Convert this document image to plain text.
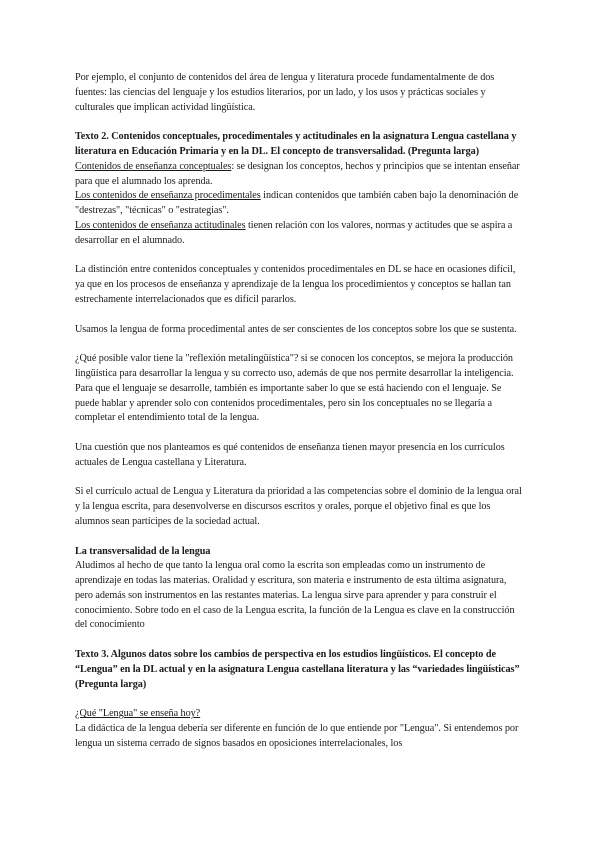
Por ejemplo, el conjunto de contenidos del área de lengua y literatura procede fundamentalmente de dos fuentes: las ciencias del lenguaje y los estudios literarios, por un lado, y los usos y prácticas sociales y culturales que implican actividad lingüística.

Texto 2. Contenidos conceptuales, procedimentales y actitudinales en la asignatura Lengua castellana y literatura en Educación Primaria y en la DL. El concepto de transversalidad. (Pregunta larga)

Contenidos de enseñanza conceptuales: se designan los conceptos, hechos y principios que se intentan enseñar para que el alumnado los aprenda.

Los contenidos de enseñanza procedimentales indican contenidos que también caben bajo la denominación de "destrezas", "técnicas" o "estrategias".

Los contenidos de enseñanza actitudinales tienen relación con los valores, normas y actitudes que se aspira a desarrollar en el alumnado.

La distinción entre contenidos conceptuales y contenidos procedimentales en DL se hace en ocasiones difícil, ya que en los procesos de enseñanza y aprendizaje de la lengua los procedimientos y conceptos se hallan tan estrechamente interrelacionados que es difícil pararlos.

Usamos la lengua de forma procedimental antes de ser conscientes de los conceptos sobre los que se sustenta.

¿Qué posible valor tiene la "reflexión metalingüística"? si se conocen los conceptos, se mejora la producción lingüística para desarrollar la lengua y su correcto uso, además de que nos permite desarrollar la inteligencia. Para que el lenguaje se desarrolle, también es importante saber lo que se está haciendo con el lenguaje. Se puede hablar y aprender solo con contenidos procedimentales, pero sin los conceptuales no se llegaría a completar el entendimiento total de la lengua.

Una cuestión que nos planteamos es qué contenidos de enseñanza tienen mayor presencia en los currículos actuales de Lengua castellana y Literatura.

Si el currículo actual de Lengua y Literatura da prioridad a las competencias sobre el dominio de la lengua oral y la lengua escrita, para desenvolverse en discursos escritos y orales, porque el objetivo final es que los alumnos sean partícipes de la sociedad actual.

La transversalidad de la lengua

Aludimos al hecho de que tanto la lengua oral como la escrita son empleadas como un instrumento de aprendizaje en todas las materias. Oralidad y escritura, son materia e instrumento de esta última asignatura, pero además son instrumentos en las restantes materias. La lengua sirve para aprender y para construir el conocimiento. Sobre todo en el caso de la Lengua escrita, la función de la Lengua es clave en la construcción del conocimiento

Texto 3. Algunos datos sobre los cambios de perspectiva en los estudios lingüísticos. El concepto de “Lengua” en la DL actual y en la asignatura Lengua castellana literatura y las “variedades lingüísticas” (Pregunta larga)

¿Qué "Lengua" se enseña hoy?

La didáctica de la lengua debería ser diferente en función de lo que entiende por "Lengua". Si entendemos por lengua un sistema cerrado de signos basados en oposiciones interrelacionales, los
